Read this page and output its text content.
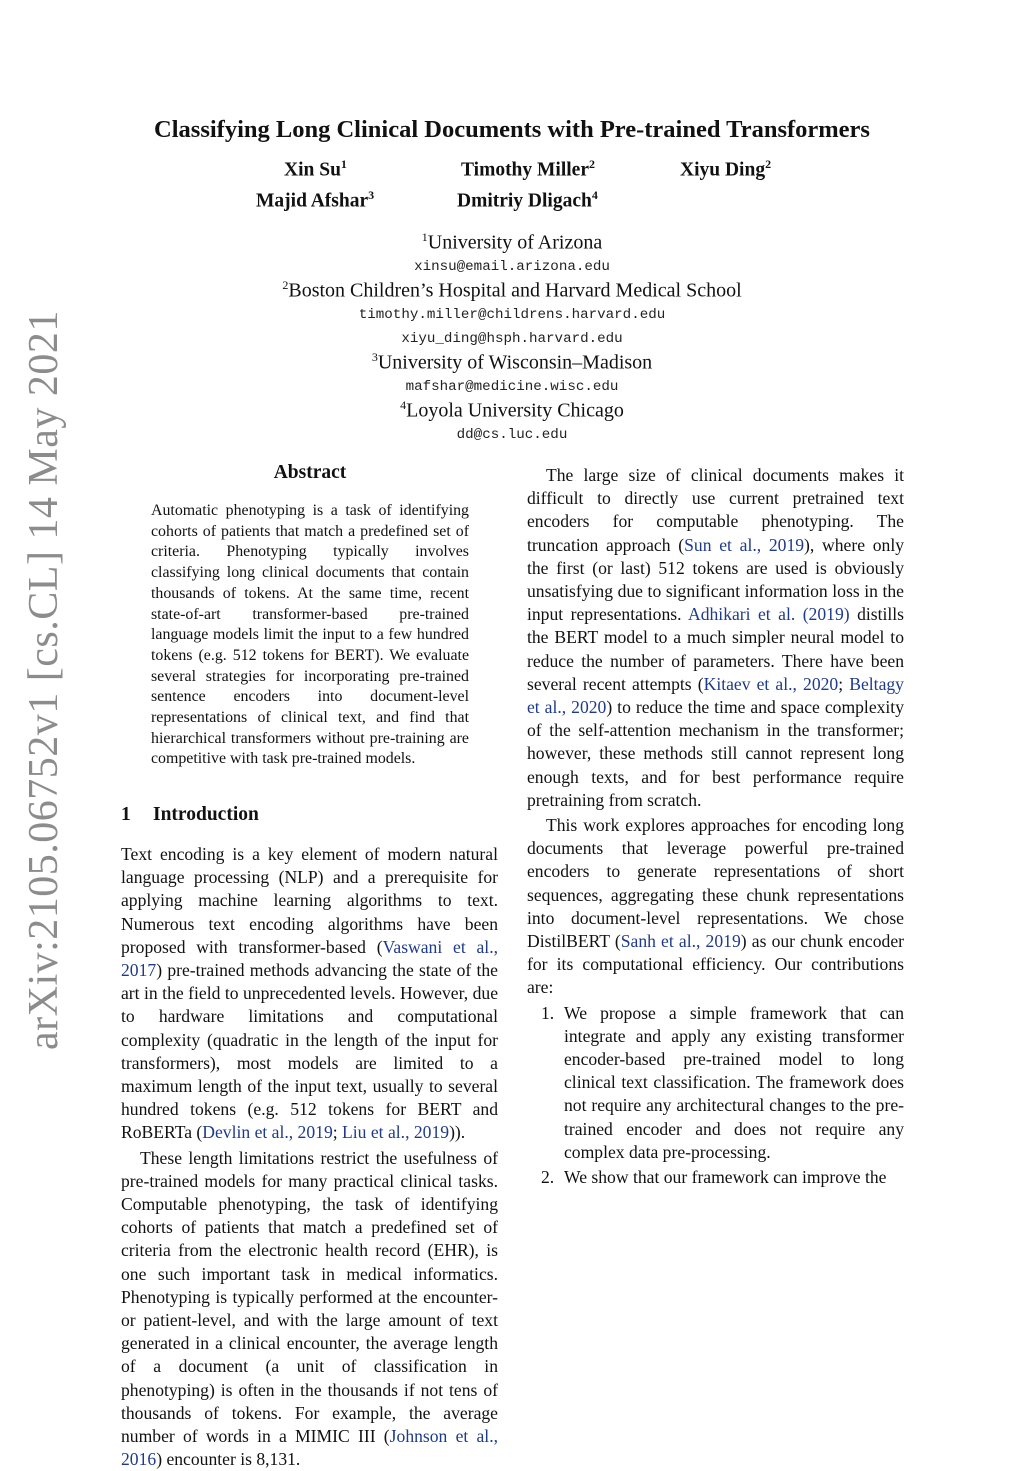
arXiv:2105.06752v1 [cs.CL] 14 May 2021
Classifying Long Clinical Documents with Pre-trained Transformers
Xin Su$^1$	Timothy Miller$^2$	Xiyu Ding$^2$
Majid Afshar$^3$	Dmitriy Dligach$^4$
$^1$University of Arizona
xinsu@email.arizona.edu
$^2$Boston Children’s Hospital and Harvard Medical School
timothy.miller@childrens.harvard.edu
xiyu_ding@hsph.harvard.edu
$^3$University of Wisconsin–Madison
mafshar@medicine.wisc.edu
$^4$Loyola University Chicago
dd@cs.luc.edu
Abstract

Automatic phenotyping is a task of identifying cohorts of patients that match a predefined set of criteria. Phenotyping typically involves classifying long clinical documents that contain thousands of tokens. At the same time, recent state-of-art transformer-based pre-trained language models limit the input to a few hundred tokens (e.g. 512 tokens for BERT). We evaluate several strategies for incorporating pre-trained sentence encoders into document-level representations of clinical text, and find that hierarchical transformers without pre-training are competitive with task pre-trained models.

1 Introduction

Text encoding is a key element of modern natural language processing (NLP) and a prerequisite for applying machine learning algorithms to text. Numerous text encoding algorithms have been proposed with transformer-based (Vaswani et al., 2017) pre-trained methods advancing the state of the art in the field to unprecedented levels. However, due to hardware limitations and computational complexity (quadratic in the length of the input for transformers), most models are limited to a maximum length of the input text, usually to several hundred tokens (e.g. 512 tokens for BERT and RoBERTa (Devlin et al., 2019; Liu et al., 2019)).

These length limitations restrict the usefulness of pre-trained models for many practical clinical tasks. Computable phenotyping, the task of identifying cohorts of patients that match a predefined set of criteria from the electronic health record (EHR), is one such important task in medical informatics. Phenotyping is typically performed at the encounter- or patient-level, and with the large amount of text generated in a clinical encounter, the average length of a document (a unit of classification in phenotyping) is often in the thousands if not tens of thousands of tokens. For example, the average number of words in a MIMIC III (Johnson et al., 2016) encounter is 8,131.

The large size of clinical documents makes it difficult to directly use current pretrained text encoders for computable phenotyping. The truncation approach (Sun et al., 2019), where only the first (or last) 512 tokens are used is obviously unsatisfying due to significant information loss in the input representations. Adhikari et al. (2019) distills the BERT model to a much simpler neural model to reduce the number of parameters. There have been several recent attempts (Kitaev et al., 2020; Beltagy et al., 2020) to reduce the time and space complexity of the self-attention mechanism in the transformer; however, these methods still cannot represent long enough texts, and for best performance require pretraining from scratch.

This work explores approaches for encoding long documents that leverage powerful pre-trained encoders to generate representations of short sequences, aggregating these chunk representations into document-level representations. We chose DistilBERT (Sanh et al., 2019) as our chunk encoder for its computational efficiency. Our contributions are:

1. We propose a simple framework that can integrate and apply any existing transformer encoder-based pre-trained model to long clinical text classification. The framework does not require any architectural changes to the pre-trained encoder and does not require any complex data pre-processing.
2. We show that our framework can improve the
